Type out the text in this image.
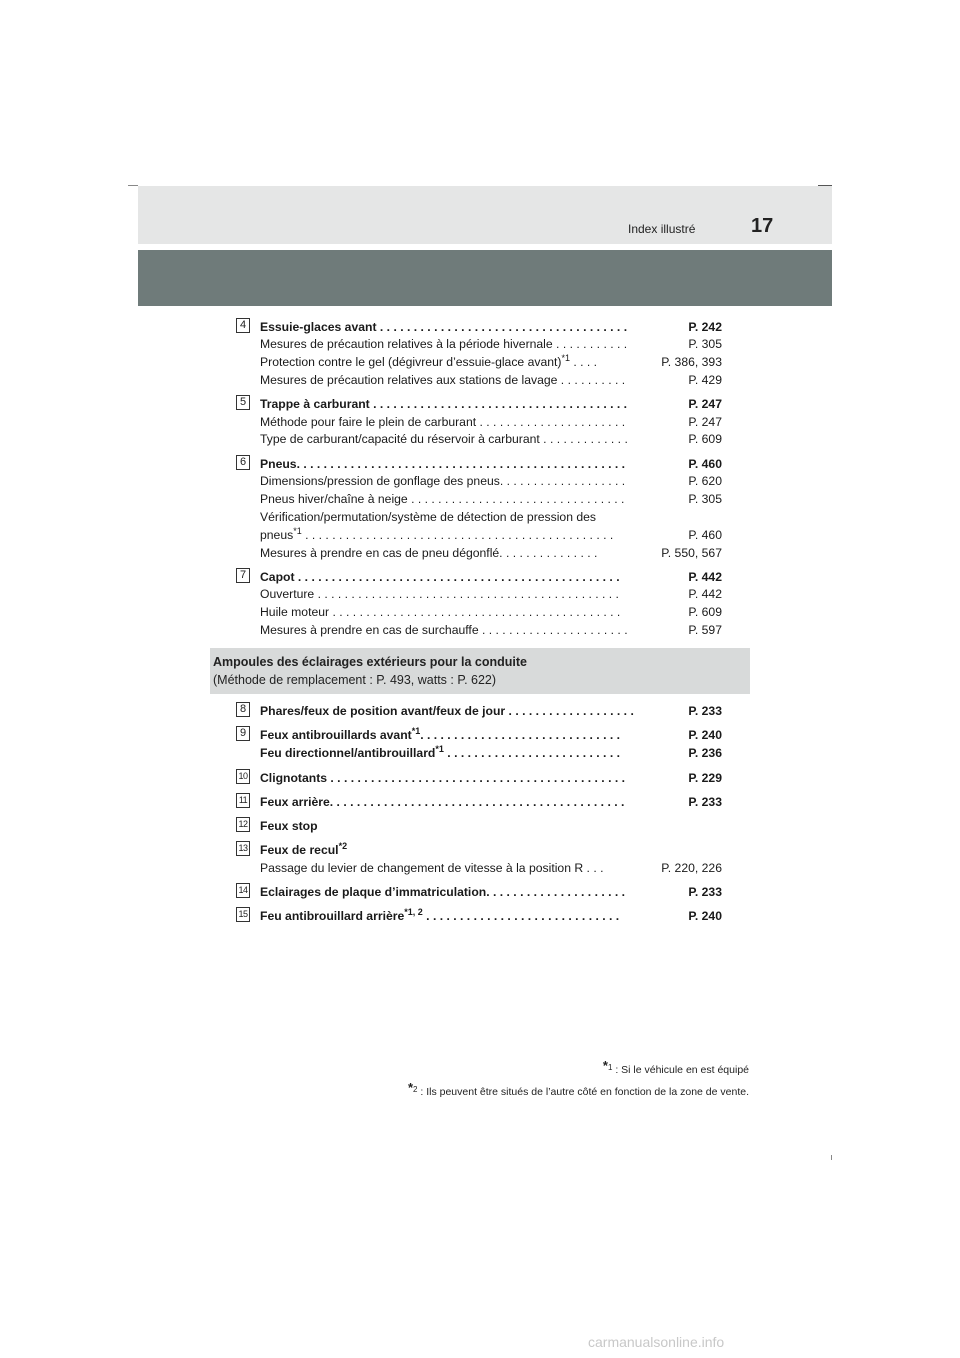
Index illustré	17
4	Essuie-glaces avant . . . . . . . . . . . . . . . . . . . . . . . . . . . . . . . . . . . . .	P. 242
Mesures de précaution relatives à la période hivernale . . . . . . . . . . .	P. 305
Protection contre le gel (dégivreur d’essuie-glace avant)$^{*1}$ . . . .	P. 386, 393
Mesures de précaution relatives aux stations de lavage . . . . . . . . . .	P. 429
5	Trappe à carburant . . . . . . . . . . . . . . . . . . . . . . . . . . . . . . . . . . . . . .	P. 247
Méthode pour faire le plein de carburant . . . . . . . . . . . . . . . . . . . . . .	P. 247
Type de carburant/capacité du réservoir à carburant . . . . . . . . . . . . .	P. 609
6	Pneus. . . . . . . . . . . . . . . . . . . . . . . . . . . . . . . . . . . . . . . . . . . . . . . . .	P. 460
Dimensions/pression de gonflage des pneus. . . . . . . . . . . . . . . . . . .	P. 620
Pneus hiver/chaîne à neige . . . . . . . . . . . . . . . . . . . . . . . . . . . . . . . .	P. 305
Vérification/permutation/système de détection de pression des
pneus$^{*1}$ . . . . . . . . . . . . . . . . . . . . . . . . . . . . . . . . . . . . . . . . . . . . . .	P. 460
Mesures à prendre en cas de pneu dégonflé. . . . . . . . . . . . . . .	P. 550, 567
7	Capot . . . . . . . . . . . . . . . . . . . . . . . . . . . . . . . . . . . . . . . . . . . . . . . .	P. 442
Ouverture . . . . . . . . . . . . . . . . . . . . . . . . . . . . . . . . . . . . . . . . . . . . .	P. 442
Huile moteur . . . . . . . . . . . . . . . . . . . . . . . . . . . . . . . . . . . . . . . . . . .	P. 609
Mesures à prendre en cas de surchauffe . . . . . . . . . . . . . . . . . . . . . .	P. 597
Ampoules des éclairages extérieurs pour la conduite
(Méthode de remplacement : P. 493, watts : P. 622)
8	Phares/feux de position avant/feux de jour . . . . . . . . . . . . . . . . . . .	P. 233
9	Feux antibrouillards avant$^{*1}$. . . . . . . . . . . . . . . . . . . . . . . . . . . . . .	P. 240
Feu directionnel/antibrouillard$^{*1}$ . . . . . . . . . . . . . . . . . . . . . . . . . .	P. 236
10 Clignotants . . . . . . . . . . . . . . . . . . . . . . . . . . . . . . . . . . . . . . . . . . . .	P. 229
11 Feux arrière. . . . . . . . . . . . . . . . . . . . . . . . . . . . . . . . . . . . . . . . . . . .	P. 233
12 Feux stop
13 Feux de recul$^{*2}$
Passage du levier de changement de vitesse à la position R . . .	P. 220, 226
14 Eclairages de plaque d’immatriculation. . . . . . . . . . . . . . . . . . . . .	P. 233
15 Feu antibrouillard arrière$^{*1, 2}$ . . . . . . . . . . . . . . . . . . . . . . . . . . . . .	P. 240
*$^1$ : Si le véhicule en est équipé
*$^2$ : Ils peuvent être situés de l’autre côté en fonction de la zone de vente.
carmanualsonline.info
